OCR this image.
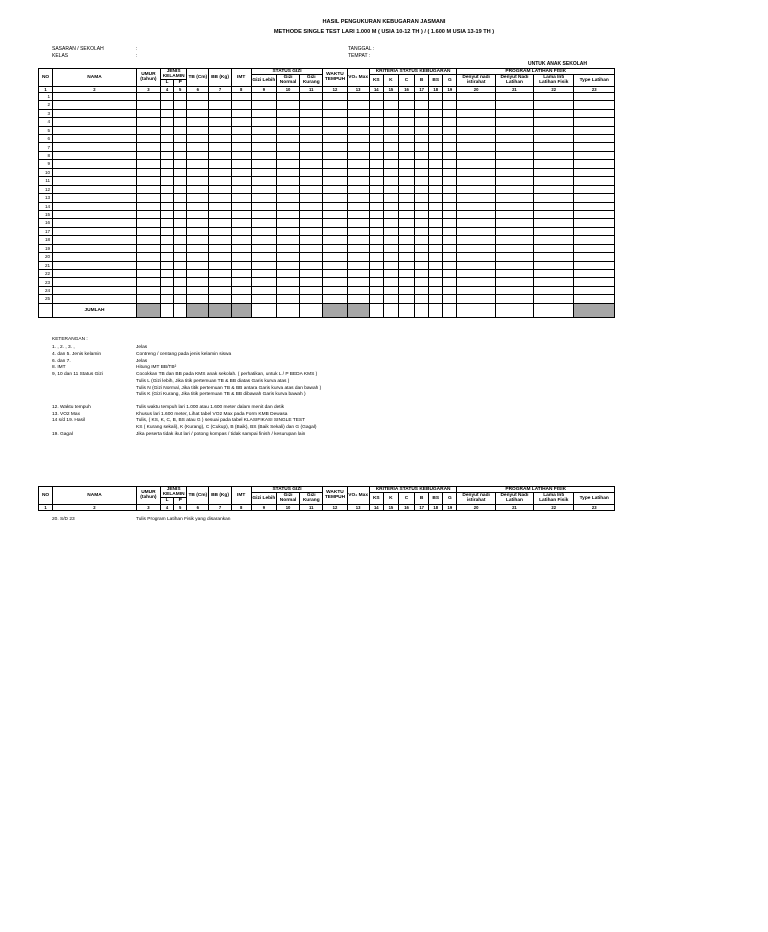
HASIL PENGUKURAN KEBUGARAN JASMANI
METHODE SINGLE TEST LARI 1.000 M ( USIA 10-12 TH ) / ( 1.600 M USIA 13-19 TH )
SASARAN / SEKOLAH	:
KELAS	:
TANGGAL :
TEMPAT :
UNTUK ANAK SEKOLAH
NO	NAMA	UMUR (tahun)	JENIS KELAMIN		TB (Cm)	BB (Kg)	IMT	STATUS GIZI			WAKTU TEMPUH	VO₂ Max	KRITERIA STATUS KEBUGARAN						PROGRAM LATIHAN FISIK			
								Gizi Lebih	Gizi Normal	Gizi Kurang			KS	K	C	B	BS	G	Denyut nadi istirahat	Denyut Nadi Latihan	Lama Inti Latihan Fisik	Type Latihan
			L	P																		
1	2	3	4	5	6	7	8	9	10	11	12	13	14	15	16	17	18	19	20	21	22	23
1																						
2																						
3																						
4																						
5																						
6																						
7																						
8																						
9																						
10																						
11																						
12																						
13																						
14																						
15																						
16																						
17																						
18																						
19																						
20																						
21																						
22																						
23																						
24																						
25																						
	JUMLAH																					
KETERANGAN :
1. , 2. , 3. ,	Jelas
4. dan 5. Jenis kelamin	Contreng / centang pada jenis kelamin siswa
6. dan 7.	Jelas
8. IMT	Hitung IMT BB/TB²
9, 10 dan 11 Status Gizi	Cocokkan TB dan BB pada KMS anak sekolah. ( perhatikan, untuk L / P BEDA KMS )
Tulis L (Gizi lebih, Jika titik pertemuan TB & BB diatas Garis kurva atas )
Tulis N (Gizi Normal, Jika titik pertemuan TB & BB antara Garis kurva atas dan bawah )
Tulis K (Gizi Kurang, Jika titik pertemuan TB & BB dibawah Garis kurva bawah )
12. Waktu tempuh	Tulis waktu tempuh lari 1.000 atau 1.600 meter dalam menit dan detik
13. VO2 Max	Khusus lari 1.600 meter, Lihat tabel VO2 Max pada Form KMB Dewasa
14 s/d 19. Hasil	Tulis, ( KS, K, C, B, BS atau G ) sesuai pada tabel KLASIFIKASI SINGLE TEST
KS ( Kurang sekali), K (Kurang), C (Cukup), B (Baik), BS (Baik Sekali) dan G (Gagal)
19. Gagal	Jika peserta tidak ikut lari / potong kompas / tidak sampai finish / kesurupan lain
NO	NAMA	UMUR (tahun)	JENIS KELAMIN		TB (Cm)	BB (Kg)	IMT	STATUS GIZI			WAKTU TEMPUH	VO₂ Max	KRITERIA STATUS KEBUGARAN						PROGRAM LATIHAN FISIK			
								Gizi Lebih	Gizi Normal	Gizi Kurang			KS	K	C	B	BS	G	Denyut nadi istirahat	Denyut Nadi Latihan	Lama Inti Latihan Fisik	Type Latihan
			L	P																		
1	2	3	4	5	6	7	8	9	10	11	12	13	14	15	16	17	18	19	20	21	22	23
20. S/D 23	Tulis Program Latihan Fisik yang disarankan
